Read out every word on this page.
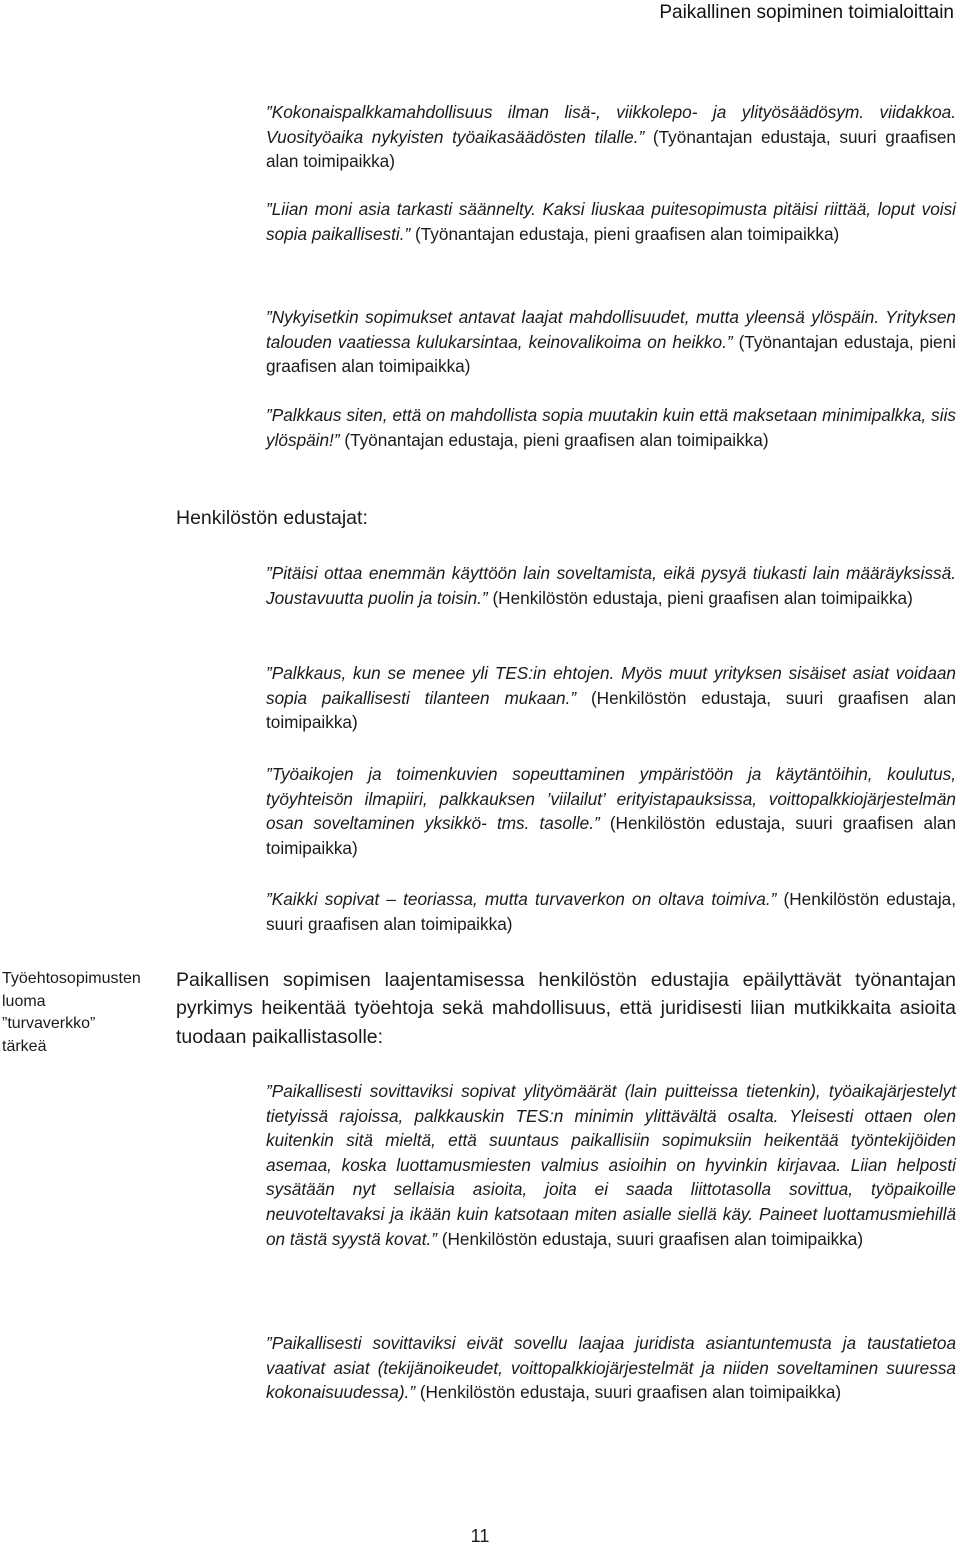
Paikallinen sopiminen toimialoittain

”Kokonaispalkkamahdollisuus ilman lisä-, viikkolepo- ja ylityösäädösym. viidakkoa. Vuosityöaika nykyisten työaikasäädösten tilalle.” (Työnantajan edustaja, suuri graafisen alan toimipaikka)

”Liian moni asia tarkasti säännelty. Kaksi liuskaa puitesopimusta pitäisi riittää, loput voisi sopia paikallisesti.” (Työnantajan edustaja, pieni graafisen alan toimipaikka)

”Nykyisetkin sopimukset antavat laajat mahdollisuudet, mutta yleensä ylöspäin. Yrityksen talouden vaatiessa kulukarsintaa, keinovalikoima on heikko.” (Työnantajan edustaja, pieni graafisen alan toimipaikka)

”Palkkaus siten, että on mahdollista sopia muutakin kuin että maksetaan minimipalkka, siis ylöspäin!” (Työnantajan edustaja, pieni graafisen alan toimipaikka)

Henkilöstön edustajat:

”Pitäisi ottaa enemmän käyttöön lain soveltamista, eikä pysyä tiukasti lain määräyksissä. Joustavuutta puolin ja toisin.” (Henkilöstön edustaja, pieni graafisen alan toimipaikka)

”Palkkaus, kun se menee yli TES:in ehtojen. Myös muut yrityksen sisäiset asiat voidaan sopia paikallisesti tilanteen mukaan.” (Henkilöstön edustaja, suuri graafisen alan toimipaikka)

”Työaikojen ja toimenkuvien sopeuttaminen ympäristöön ja käytäntöihin, koulutus, työyhteisön ilmapiiri, palkkauksen ’viilailut’ erityistapauksissa, voittopalkkiojärjestelmän osan soveltaminen yksikkö- tms. tasolle.” (Henkilöstön edustaja, suuri graafisen alan toimipaikka)

”Kaikki sopivat – teoriassa, mutta turvaverkon on oltava toimiva.” (Henkilöstön edustaja, suuri graafisen alan toimipaikka)

Työehtosopimusten luoma ”turvaverkko” tärkeä

Paikallisen sopimisen laajentamisessa henkilöstön edustajia epäilyttävät työnantajan pyrkimys heikentää työehtoja sekä mahdollisuus, että juridisesti liian mutkikkaita asioita tuodaan paikallistasolle:

”Paikallisesti sovittaviksi sopivat ylityömäärät (lain puitteissa tietenkin), työaikajärjestelyt tietyissä rajoissa, palkkauskin TES:n minimin ylittävältä osalta. Yleisesti ottaen olen kuitenkin sitä mieltä, että suuntaus paikallisiin sopimuksiin heikentää työntekijöiden asemaa, koska luottamusmiesten valmius asioihin on hyvinkin kirjavaa. Liian helposti sysätään nyt sellaisia asioita, joita ei saada liittotasolla sovittua, työpaikoille neuvoteltavaksi ja ikään kuin katsotaan miten asialle siellä käy. Paineet luottamusmiehillä on tästä syystä kovat.” (Henkilöstön edustaja, suuri graafisen alan toimipaikka)

”Paikallisesti sovittaviksi eivät sovellu laajaa juridista asiantuntemusta ja taustatietoa vaativat asiat (tekijänoikeudet, voittopalkkiojärjestelmät ja niiden soveltaminen suuressa kokonaisuudessa).” (Henkilöstön edustaja, suuri graafisen alan toimipaikka)

11
